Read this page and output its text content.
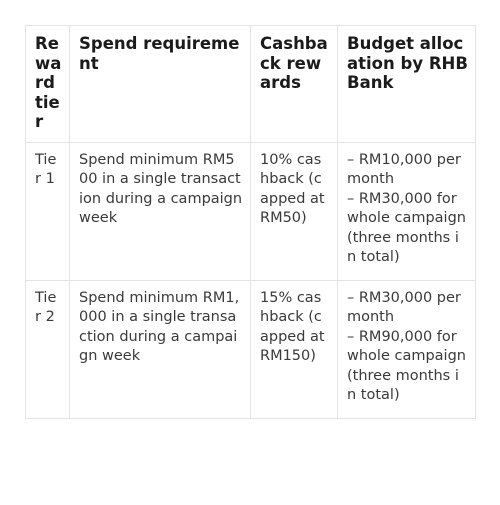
Reward tier	Spend requirement	Cashback rewards	Budget allocation by RHB Bank
Tier 1	Spend minimum RM500 in a single transaction during a campaign week	10% cashback (capped at RM50)	– RM10,000 per month
– RM30,000 for whole campaign (three months in total)

Tier 2	Spend minimum RM1,000 in a single transaction during a campaign week	15% cashback (capped at RM150)	– RM30,000 per month
– RM90,000 for whole campaign (three months in total)
